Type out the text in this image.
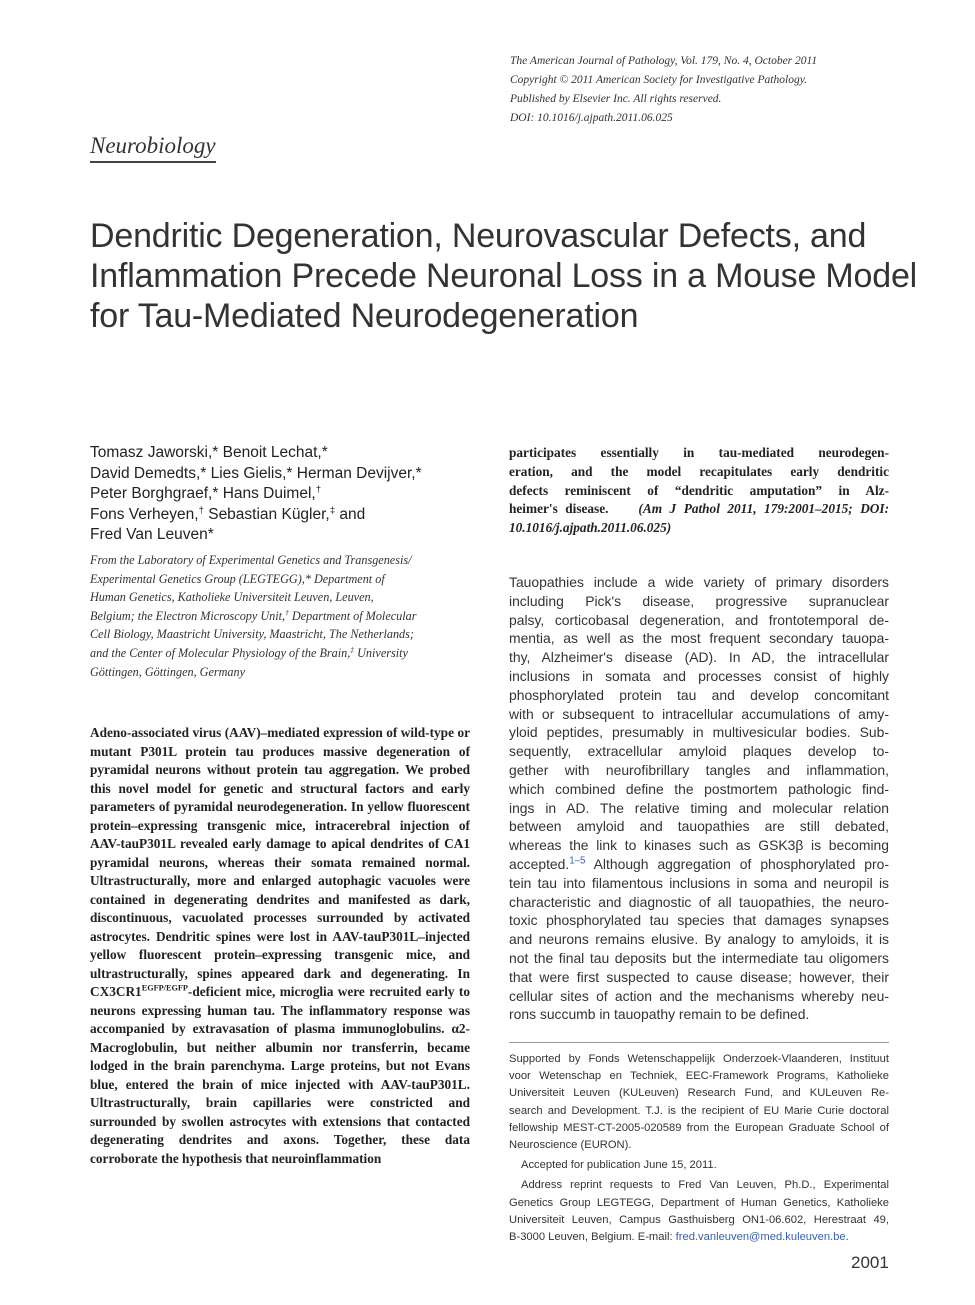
The American Journal of Pathology, Vol. 179, No. 4, October 2011
Copyright © 2011 American Society for Investigative Pathology.
Published by Elsevier Inc. All rights reserved.
DOI: 10.1016/j.ajpath.2011.06.025
Neurobiology
Dendritic Degeneration, Neurovascular Defects, and Inflammation Precede Neuronal Loss in a Mouse Model for Tau-Mediated Neurodegeneration
Tomasz Jaworski,* Benoit Lechat,*
David Demedts,* Lies Gielis,* Herman Devijver,*
Peter Borghgraef,* Hans Duimel,†
Fons Verheyen,† Sebastian Kügler,‡ and
Fred Van Leuven*
From the Laboratory of Experimental Genetics and Transgenesis/
Experimental Genetics Group (LEGTEGG),* Department of
Human Genetics, Katholieke Universiteit Leuven, Leuven,
Belgium; the Electron Microscopy Unit,† Department of Molecular
Cell Biology, Maastricht University, Maastricht, The Netherlands;
and the Center of Molecular Physiology of the Brain,‡ University
Göttingen, Göttingen, Germany
Adeno-associated virus (AAV)–mediated expression of wild-type or mutant P301L protein tau produces massive degeneration of pyramidal neurons without protein tau aggregation. We probed this novel model for genetic and structural factors and early parameters of pyramidal neurodegeneration. In yellow fluorescent protein–expressing transgenic mice, intracerebral injection of AAV-tauP301L revealed early damage to apical dendrites of CA1 pyramidal neurons, whereas their somata remained normal. Ultrastructurally, more and enlarged autophagic vacuoles were contained in degenerating dendrites and manifested as dark, discontinuous, vacuolated processes surrounded by activated astrocytes. Dendritic spines were lost in AAV-tauP301L–injected yellow fluorescent protein–expressing transgenic mice, and ultrastructurally, spines appeared dark and degenerating. In $CX3CR1^{EGFP/EGFP}$-deficient mice, microglia were recruited early to neurons expressing human tau. The inflammatory response was accompanied by extravasation of plasma immunoglobulins. α2-Macroglobulin, but neither albumin nor transferrin, became lodged in the brain parenchyma. Large proteins, but not Evans blue, entered the brain of mice injected with AAV-tauP301L. Ultrastructurally, brain capillaries were constricted and surrounded by swollen astrocytes with extensions that contacted degenerating dendrites and axons. Together, these data corroborate the hypothesis that neuroinflammation
participates essentially in tau-mediated neurodegen-
eration, and the model recapitulates early dendritic
defects reminiscent of “dendritic amputation” in Alz-
heimer's disease. (Am J Pathol 2011, 179:2001–2015; DOI:
10.1016/j.ajpath.2011.06.025)
Tauopathies include a wide variety of primary disorders
including Pick's disease, progressive supranuclear
palsy, corticobasal degeneration, and frontotemporal de-
mentia, as well as the most frequent secondary tauopa-
thy, Alzheimer's disease (AD). In AD, the intracellular
inclusions in somata and processes consist of highly
phosphorylated protein tau and develop concomitant
with or subsequent to intracellular accumulations of amy-
yloid peptides, presumably in multivesicular bodies. Sub-
sequently, extracellular amyloid plaques develop to-
gether with neurofibrillary tangles and inflammation,
which combined define the postmortem pathologic find-
ings in AD. The relative timing and molecular relation
between amyloid and tauopathies are still debated,
whereas the link to kinases such as GSK3β is becoming
accepted.$^{1-5}$ Although aggregation of phosphorylated pro-
tein tau into filamentous inclusions in soma and neuropil is
characteristic and diagnostic of all tauopathies, the neuro-
toxic phosphorylated tau species that damages synapses
and neurons remains elusive. By analogy to amyloids, it is
not the final tau deposits but the intermediate tau oligomers
that were first suspected to cause disease; however, their
cellular sites of action and the mechanisms whereby neu-
rons succumb in tauopathy remain to be defined.
Supported by Fonds Wetenschappelijk Onderzoek-Vlaanderen, Instituut
voor Wetenschap en Techniek, EEC-Framework Programs, Katholieke
Universiteit Leuven (KULeuven) Research Fund, and KULeuven Re-
search and Development. T.J. is the recipient of EU Marie Curie doctoral
fellowship MEST-CT-2005-020589 from the European Graduate School of
Neuroscience (EURON).
Accepted for publication June 15, 2011.
Address reprint requests to Fred Van Leuven, Ph.D., Experimental
Genetics Group LEGTEGG, Department of Human Genetics, Katholieke
Universiteit Leuven, Campus Gasthuisberg ON1-06.602, Herestraat 49,
B-3000 Leuven, Belgium. E-mail: fred.vanleuven@med.kuleuven.be.
2001
